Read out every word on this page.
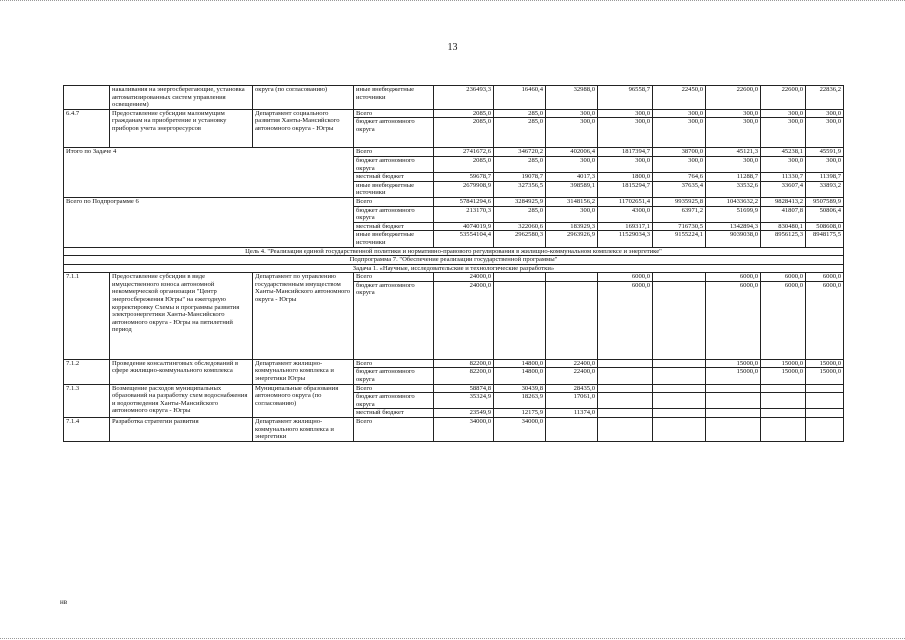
13
	накаливания на энергосберегающие, установка автоматизированных систем управления освещением)	округа (по согласованию)	иные внебюджетные источники	236493,3	16460,4	32988,0	96558,7	22450,0	22600,0	22600,0	22836,2
6.4.7	Предоставление субсидии малоимущим гражданам на приобретение и установку приборов учета энергоресурсов	Департамент социального развития Ханты-Мансийского автономного округа - Югры	Всего	2085,0	285,0	300,0	300,0	300,0	300,0	300,0	300,0
			бюджет автономного округа	2085,0	285,0	300,0	300,0	300,0	300,0	300,0	300,0
Итого по Задаче 4			Всего	2741672,6	346720,2	402006,4	1817394,7	38700,0	45121,3	45238,1	45591,9
			бюджет автономного округа	2085,0	285,0	300,0	300,0	300,0	300,0	300,0	300,0
			местный бюджет	59678,7	19078,7	4017,3	1800,0	764,6	11288,7	11330,7	11398,7
			иные внебюджетные источники	2679908,9	327356,5	398589,1	1815294,7	37635,4	33532,6	33607,4	33893,2
Всего по Подпрограмме 6			Всего	57841294,6	3284925,9	3148156,2	11702651,4	9935925,8	10433632,2	9828413,2	9507589,9
			бюджет автономного округа	213170,3	285,0	300,0	4300,0	63971,2	51699,9	41807,8	50806,4
			местный бюджет	4074019,9	322060,6	183929,3	169317,1	716730,5	1342894,3	830480,1	508608,0
			иные внебюджетные источники	53554104,4	2962580,3	2963926,9	11529034,3	9155224,1	9039038,0	8956125,3	8948175,5
Цель 4. "Реализация единой государственной политики и нормативно-правового регулирования в жилищно-коммунальном комплексе и энергетике"											
Подпрограмма 7. "Обеспечение реализации государственной программы"											
Задача 1. «Научные, исследовательские и технологические разработки»											
7.1.1	Предоставление субсидии в виде имущественного взноса автономной некоммерческой организации "Центр энергосбережения Югры" на ежегодную корректировку Схемы и программы развития электроэнергетики Ханты-Мансийского автономного округа - Югры на пятилетний период	Департамент по управлению государственным имуществом Ханты-Мансийского автономного округа - Югры	Всего	24000,0			6000,0		6000,0	6000,0	6000,0
			бюджет автономного округа	24000,0			6000,0		6000,0	6000,0	6000,0
7.1.2	Проведение консалтинговых обследований в сфере жилищно-коммунального комплекса	Департамент жилищно-коммунального комплекса и энергетики Югры	Всего	82200,0	14800,0	22400,0			15000,0	15000,0	15000,0
			бюджет автономного округа	82200,0	14800,0	22400,0			15000,0	15000,0	15000,0
7.1.3	Возмещение расходов муниципальных образований на разработку схем водоснабжения и водоотведения Ханты-Мансийского автономного округа - Югры	Муниципальные образования автономного округа (по согласованию)	Всего	58874,8	30439,8	28435,0					
			бюджет автономного округа	35324,9	18263,9	17061,0					
			местный бюджет	23549,9	12175,9	11374,0					
7.1.4	Разработка стратегии развития	Департамент жилищно-коммунального комплекса и энергетики	Всего	34000,0	34000,0						
нв
